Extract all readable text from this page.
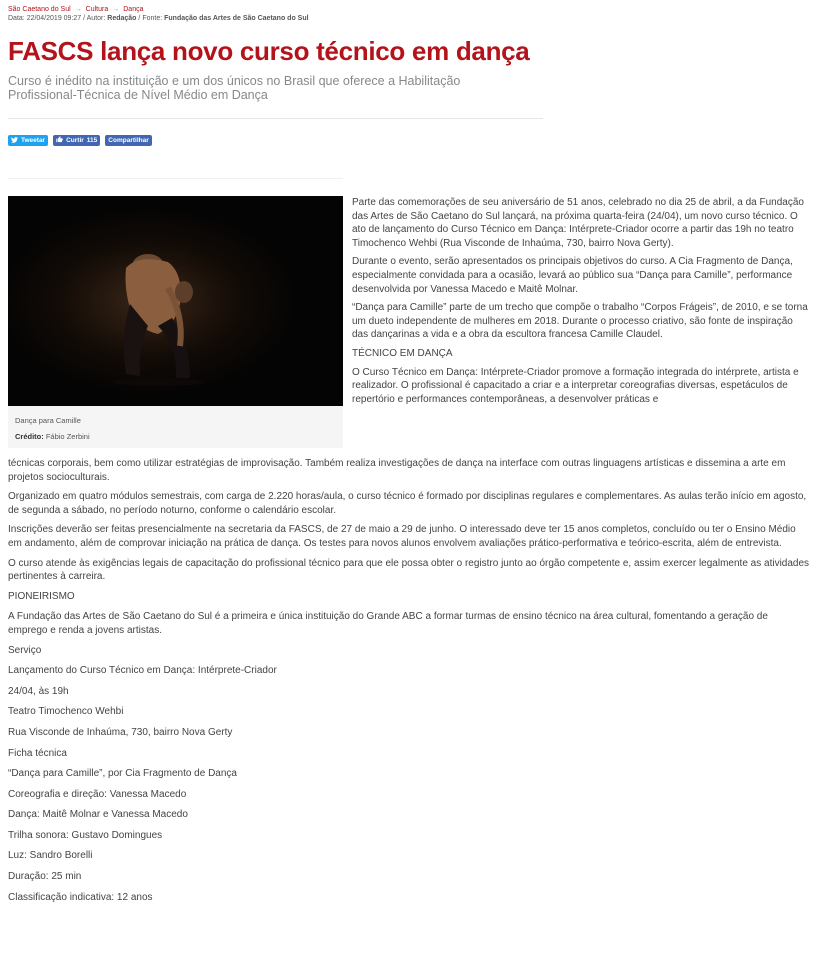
São Caetano do Sul → Cultura → Dança
Data: 22/04/2019 09:27 / Autor: Redação / Fonte: Fundação das Artes de São Caetano do Sul
FASCS lança novo curso técnico em dança

Curso é inédito na instituição e um dos únicos no Brasil que oferece a Habilitação Profissional-Técnica de Nível Médio em Dança

Tweetar	Curtir 115 Compartilhar
Dança para Camille
Crédito: Fábio Zerbini

Parte das comemorações de seu aniversário de 51 anos, celebrado no dia 25 de abril, a da Fundação das Artes de São Caetano do Sul lançará, na próxima quarta-feira (24/04), um novo curso técnico. O ato de lançamento do Curso Técnico em Dança: Intérprete-Criador ocorre a partir das 19h no teatro Timochenco Wehbi (Rua Visconde de Inhaúma, 730, bairro Nova Gerty).

Durante o evento, serão apresentados os principais objetivos do curso. A Cia Fragmento de Dança, especialmente convidada para a ocasião, levará ao público sua “Dança para Camille”, performance desenvolvida por Vanessa Macedo e Maitê Molnar.

“Dança para Camille” parte de um trecho que compõe o trabalho “Corpos Frágeis”, de 2010, e se torna um dueto independente de mulheres em 2018. Durante o processo criativo, são fonte de inspiração das dançarinas a vida e a obra da escultora francesa Camille Claudel.

TÉCNICO EM DANÇA

O Curso Técnico em Dança: Intérprete-Criador promove a formação integrada do intérprete, artista e realizador. O profissional é capacitado a criar e a interpretar coreografias diversas, espetáculos de repertório e performances contemporâneas, a desenvolver práticas e

técnicas corporais, bem como utilizar estratégias de improvisação. Também realiza investigações de dança na interface com outras linguagens artísticas e dissemina a arte em projetos socioculturais.

Organizado em quatro módulos semestrais, com carga de 2.220 horas/aula, o curso técnico é formado por disciplinas regulares e complementares. As aulas terão início em agosto, de segunda a sábado, no período noturno, conforme o calendário escolar.

Inscrições deverão ser feitas presencialmente na secretaria da FASCS, de 27 de maio a 29 de junho. O interessado deve ter 15 anos completos, concluído ou ter o Ensino Médio em andamento, além de comprovar iniciação na prática de dança. Os testes para novos alunos envolvem avaliações prático-performativa e teórico-escrita, além de entrevista.

O curso atende às exigências legais de capacitação do profissional técnico para que ele possa obter o registro junto ao órgão competente e, assim exercer legalmente as atividades pertinentes à carreira.

PIONEIRISMO

A Fundação das Artes de São Caetano do Sul é a primeira e única instituição do Grande ABC a formar turmas de ensino técnico na área cultural, fomentando a geração de emprego e renda a jovens artistas.

Serviço

Lançamento do Curso Técnico em Dança: Intérprete-Criador

24/04, às 19h

Teatro Timochenco Wehbi

Rua Visconde de Inhaúma, 730, bairro Nova Gerty

Ficha técnica

“Dança para Camille”, por Cia Fragmento de Dança

Coreografia e direção: Vanessa Macedo

Dança: Maitê Molnar e Vanessa Macedo

Trilha sonora: Gustavo Domingues

Luz: Sandro Borelli

Duração: 25 min

Classificação indicativa: 12 anos
